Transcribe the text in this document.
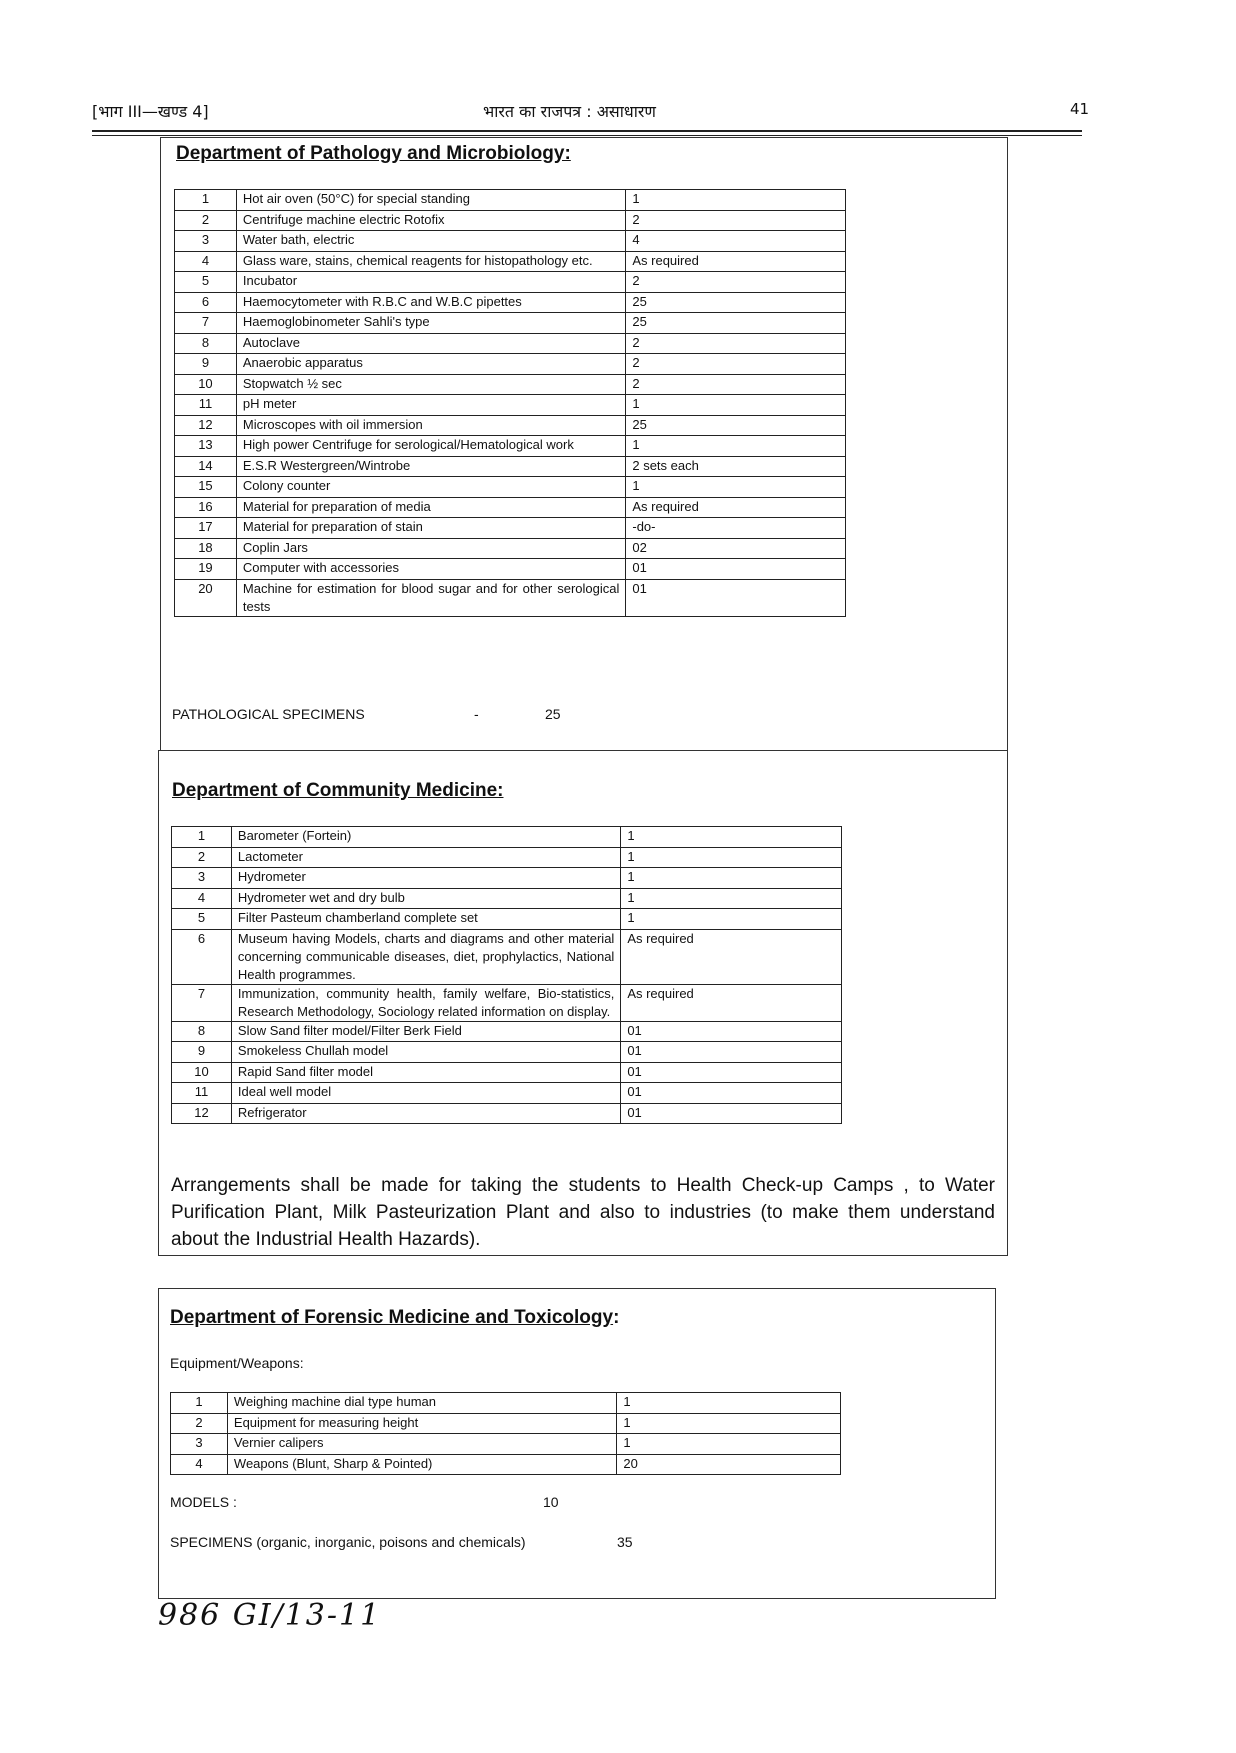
[भाग III—खण्ड 4]	भारत का राजपत्र : असाधारण	41
Department of Pathology and Microbiology:
1	Hot air oven (50°C) for special standing	1
2	Centrifuge machine electric Rotofix	2
3	Water bath, electric	4
4	Glass ware, stains, chemical reagents for histopathology etc.	As required
5	Incubator	2
6	Haemocytometer with R.B.C and W.B.C pipettes	25
7	Haemoglobinometer Sahli's type	25
8	Autoclave	2
9	Anaerobic apparatus	2
10	Stopwatch ½ sec	2
11	pH meter	1
12	Microscopes with oil immersion	25
13	High power Centrifuge for serological/Hematological work	1
14	E.S.R Westergreen/Wintrobe	2 sets each
15	Colony counter	1
16	Material for preparation of media	As required
17	Material for preparation of stain	-do-
18	Coplin Jars	02
19	Computer with accessories	01
20	Machine for estimation for blood sugar and for other serological tests	01
PATHOLOGICAL SPECIMENS	-	25
Department of Community Medicine:
1	Barometer (Fortein)	1
2	Lactometer	1
3	Hydrometer	1
4	Hydrometer wet and dry bulb	1
5	Filter Pasteum chamberland complete set	1
6	Museum having Models, charts and diagrams and other material concerning communicable diseases, diet, prophylactics, National Health programmes.	As required
7	Immunization, community health, family welfare, Bio-statistics, Research Methodology, Sociology related information on display.	As required
8	Slow Sand filter model/Filter Berk Field	01
9	Smokeless Chullah model	01
10	Rapid Sand filter model	01
11	Ideal well model	01
12	Refrigerator	01
Arrangements shall be made for taking the students to Health Check-up Camps , to Water Purification Plant, Milk Pasteurization Plant and also to industries (to make them understand about the Industrial Health Hazards).
Department of Forensic Medicine and Toxicology:
Equipment/Weapons:
1	Weighing machine dial type human	1
2	Equipment for measuring height	1
3	Vernier calipers	1
4	Weapons (Blunt, Sharp & Pointed)	20
MODELS :	10
SPECIMENS (organic, inorganic, poisons and chemicals)	35
986 GI/13-11
